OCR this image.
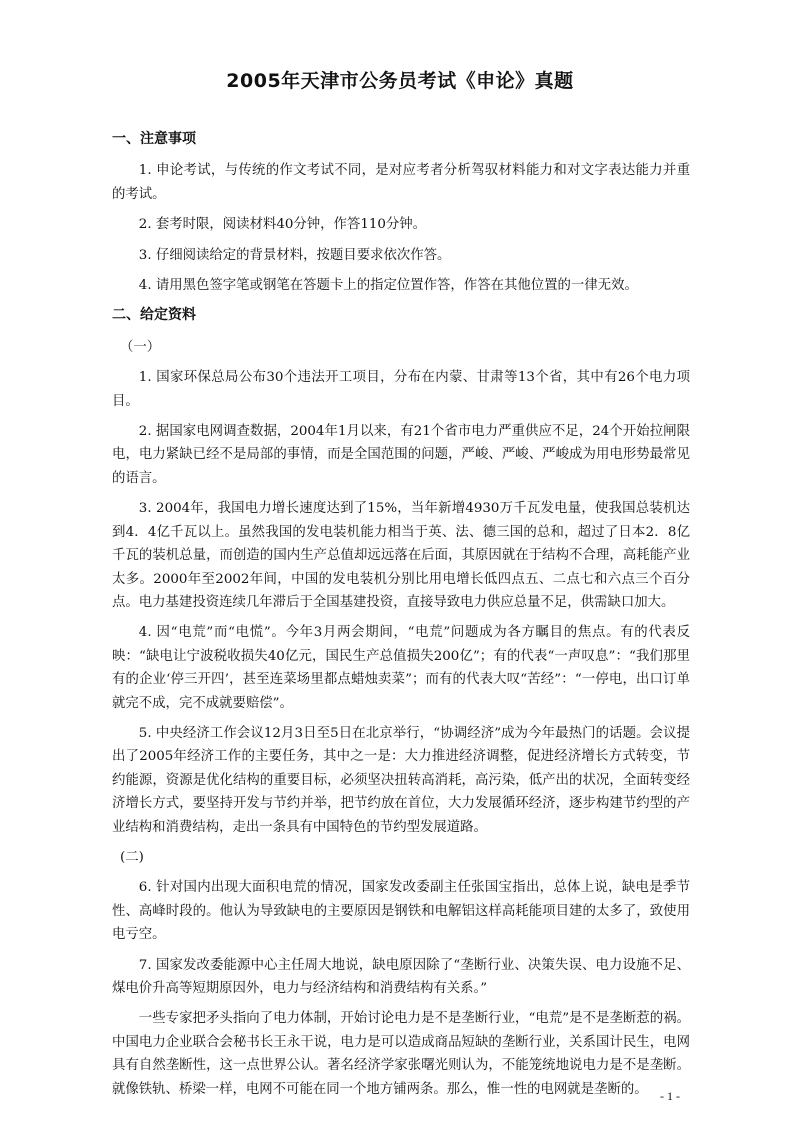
2005年天津市公务员考试《申论》真题
一、注意事项
1. 申论考试，与传统的作文考试不同，是对应考者分析驾驭材料能力和对文字表达能力并重的考试。
2. 套考时限，阅读材料40分钟，作答110分钟。
3. 仔细阅读给定的背景材料，按题目要求依次作答。
4. 请用黑色签字笔或钢笔在答题卡上的指定位置作答，作答在其他位置的一律无效。
二、给定资料
（一）
1. 国家环保总局公布30个违法开工项目，分布在内蒙、甘肃等13个省，其中有26个电力项目。
2. 据国家电网调查数据，2004年1月以来，有21个省市电力严重供应不足，24个开始拉闸限电，电力紧缺已经不是局部的事情，而是全国范围的问题，严峻、严峻、严峻成为用电形势最常见的语言。
3. 2004年，我国电力增长速度达到了15%，当年新增4930万千瓦发电量，使我国总装机达到4．4亿千瓦以上。虽然我国的发电装机能力相当于英、法、德三国的总和，超过了日本2．8亿千瓦的装机总量，而创造的国内生产总值却远远落在后面，其原因就在于结构不合理，高耗能产业太多。2000年至2002年间，中国的发电装机分别比用电增长低四点五、二点七和六点三个百分点。电力基建投资连续几年滞后于全国基建投资，直接导致电力供应总量不足，供需缺口加大。
4. 因“电荒”而“电慌”。今年3月两会期间，“电荒”问题成为各方瞩目的焦点。有的代表反映：“缺电让宁波税收损失40亿元，国民生产总值损失200亿”；有的代表“一声叹息”：“我们那里有的企业‘停三开四’，甚至连菜场里都点蜡烛卖菜”；而有的代表大叹“苦经”：“一停电，出口订单就完不成，完不成就要赔偿”。
5. 中央经济工作会议12月3日至5日在北京举行，“协调经济”成为今年最热门的话题。会议提出了2005年经济工作的主要任务，其中之一是：大力推进经济调整，促进经济增长方式转变，节约能源，资源是优化结构的重要目标，必须坚决扭转高消耗，高污染，低产出的状况，全面转变经济增长方式，要坚持开发与节约并举，把节约放在首位，大力发展循环经济，逐步构建节约型的产业结构和消费结构，走出一条具有中国特色的节约型发展道路。
(二)
6. 针对国内出现大面积电荒的情况，国家发改委副主任张国宝指出，总体上说，缺电是季节性、高峰时段的。他认为导致缺电的主要原因是钢铁和电解铝这样高耗能项目建的太多了，致使用电亏空。
7. 国家发改委能源中心主任周大地说，缺电原因除了“垄断行业、决策失误、电力设施不足、煤电价升高等短期原因外，电力与经济结构和消费结构有关系。”
一些专家把矛头指向了电力体制，开始讨论电力是不是垄断行业，“电荒”是不是垄断惹的祸。中国电力企业联合会秘书长王永干说，电力是可以造成商品短缺的垄断行业，关系国计民生，电网具有自然垄断性，这一点世界公认。著名经济学家张曙光则认为，不能笼统地说电力是不是垄断。就像铁轨、桥梁一样，电网不可能在同一个地方铺两条。那么，惟一性的电网就是垄断的。	- 1 -
